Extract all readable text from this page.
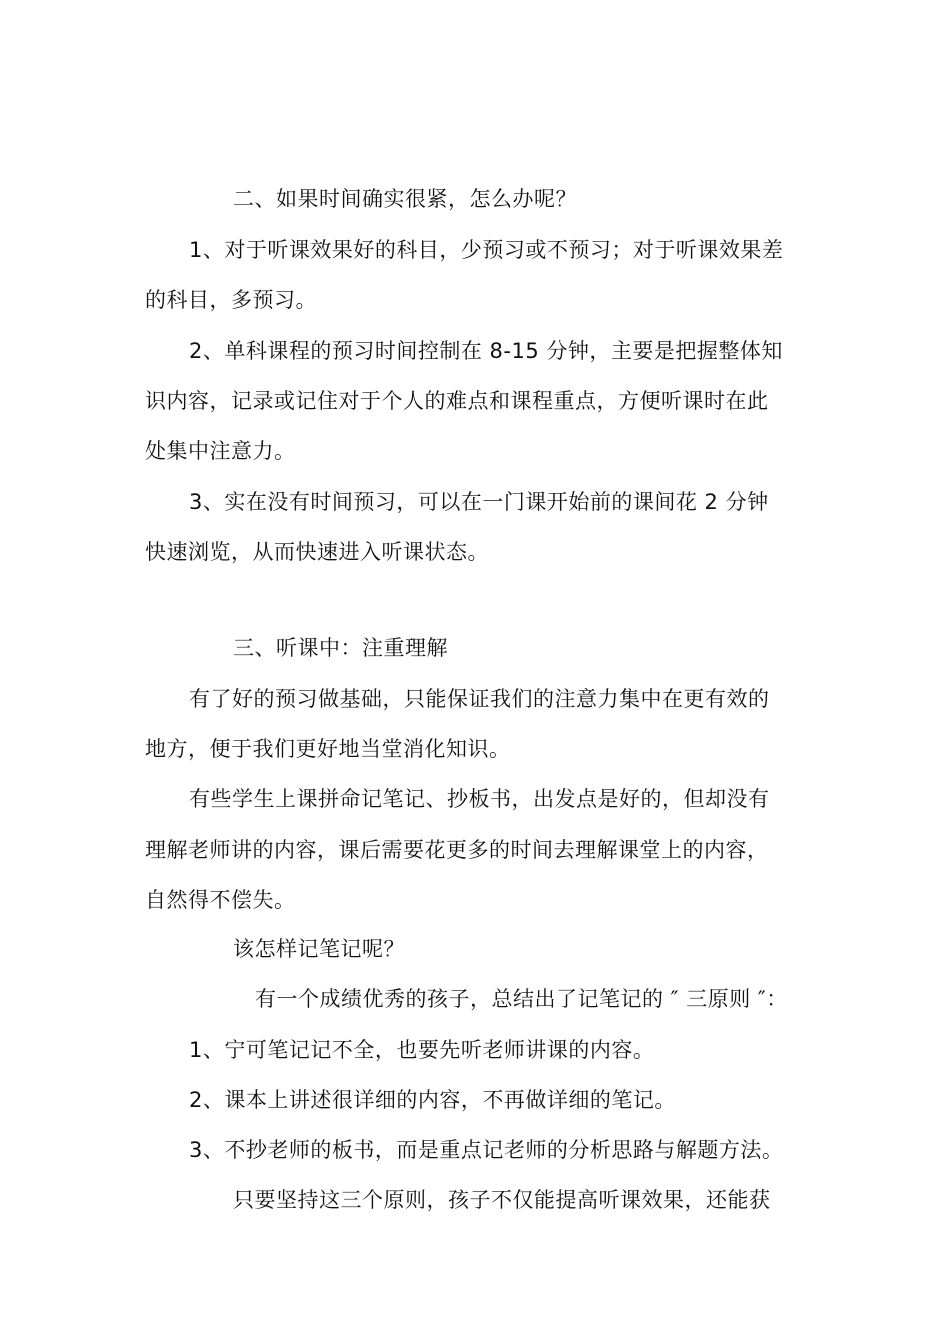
二、如果时间确实很紧，怎么办呢？
1、对于听课效果好的科目，少预习或不预习；对于听课效果差
的科目，多预习。
2、单科课程的预习时间控制在 8-15 分钟，主要是把握整体知
识内容，记录或记住对于个人的难点和课程重点，方便听课时在此
处集中注意力。
3、实在没有时间预习，可以在一门课开始前的课间花 2 分钟
快速浏览，从而快速进入听课状态。
三、听课中：注重理解
有了好的预习做基础，只能保证我们的注意力集中在更有效的
地方，便于我们更好地当堂消化知识。
有些学生上课拼命记笔记、抄板书，出发点是好的，但却没有
理解老师讲的内容，课后需要花更多的时间去理解课堂上的内容，
自然得不偿失。
该怎样记笔记呢？
有一个成绩优秀的孩子，总结出了记笔记的 ″ 三原则 ″：
1、宁可笔记记不全，也要先听老师讲课的内容。
2、课本上讲述很详细的内容，不再做详细的笔记。
3、不抄老师的板书，而是重点记老师的分析思路与解题方法。
只要坚持这三个原则，孩子不仅能提高听课效果，还能获
